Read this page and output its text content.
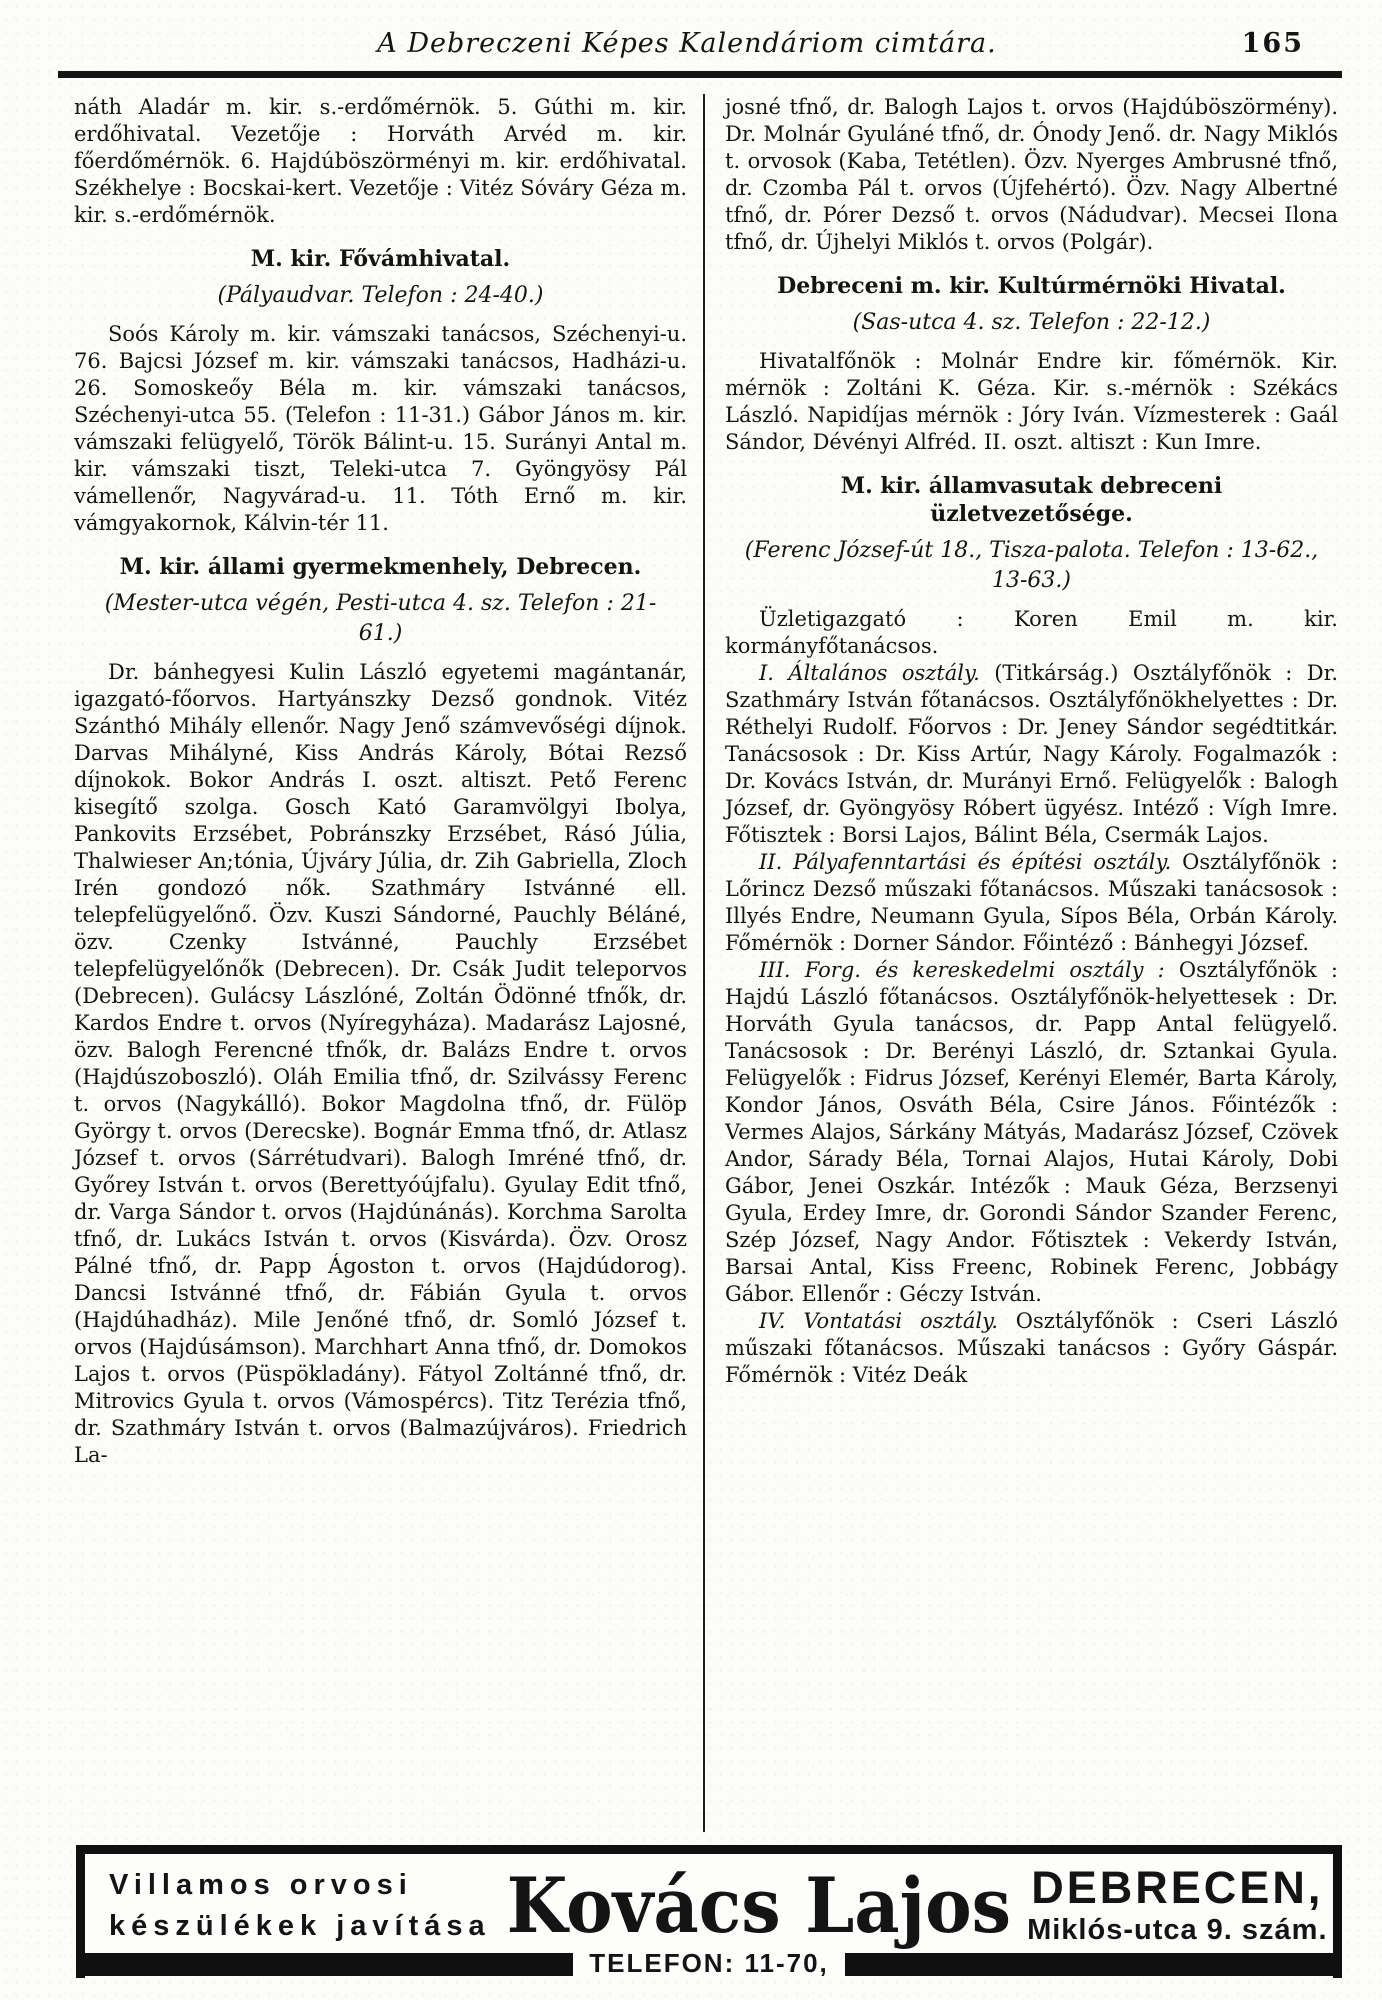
A Debreczeni Képes Kalendáriom cimtára.	165

náth Aladár m. kir. s.-erdőmérnök. 5. Gúthi m. kir. erdőhivatal. Vezetője : Horváth Arvéd m. kir. főerdőmérnök. 6. Hajdúböszörményi m. kir. erdőhivatal. Székhelye : Bocskai-kert. Vezetője : Vitéz Sóváry Géza m. kir. s.-erdőmérnök.

M. kir. Fővámhivatal.

(Pályaudvar. Telefon : 24-40.)

Soós Károly m. kir. vámszaki tanácsos, Széchenyi-u. 76. Bajcsi József m. kir. vámszaki tanácsos, Hadházi-u. 26. Somoskeőy Béla m. kir. vámszaki tanácsos, Széchenyi-utca 55. (Telefon : 11-31.) Gábor János m. kir. vámszaki felügyelő, Török Bálint-u. 15. Surányi Antal m. kir. vámszaki tiszt, Teleki-utca 7. Gyöngyösy Pál vámellenőr, Nagyvárad-u. 11. Tóth Ernő m. kir. vámgyakornok, Kálvin-tér 11.

M. kir. állami gyermekmenhely, Debrecen.

(Mester-utca végén, Pesti-utca 4. sz. Telefon : 21-61.)

Dr. bánhegyesi Kulin László egyetemi magántanár, igazgató-főorvos. Hartyánszky Dezső gondnok. Vitéz Szánthó Mihály ellenőr. Nagy Jenő számvevőségi díjnok. Darvas Mihályné, Kiss András Károly, Bótai Rezső díjnokok. Bokor András I. oszt. altiszt. Pető Ferenc kisegítő szolga. Gosch Kató Garamvölgyi Ibolya, Pankovits Erzsébet, Pobránszky Erzsébet, Rásó Júlia, Thalwieser An;tónia, Újváry Júlia, dr. Zih Gabriella, Zloch Irén gondozó nők. Szathmáry Istvánné ell. telepfelügyelőnő. Özv. Kuszi Sándorné, Pauchly Béláné, özv. Czenky Istvánné, Pauchly Erzsébet telepfelügyelőnők (Debrecen). Dr. Csák Judit teleporvos (Debrecen). Gulácsy Lászlóné, Zoltán Ödönné tfnők, dr. Kardos Endre t. orvos (Nyíregyháza). Madarász Lajosné, özv. Balogh Ferencné tfnők, dr. Balázs Endre t. orvos (Hajdúszoboszló). Oláh Emilia tfnő, dr. Szilvássy Ferenc t. orvos (Nagykálló). Bokor Magdolna tfnő, dr. Fülöp György t. orvos (Derecske). Bognár Emma tfnő, dr. Atlasz József t. orvos (Sárrétudvari). Balogh Imréné tfnő, dr. Győrey István t. orvos (Berettyóújfalu). Gyulay Edit tfnő, dr. Varga Sándor t. orvos (Hajdúnánás). Korchma Sarolta tfnő, dr. Lukács István t. orvos (Kisvárda). Özv. Orosz Pálné tfnő, dr. Papp Ágoston t. orvos (Hajdúdorog). Dancsi Istvánné tfnő, dr. Fábián Gyula t. orvos (Hajdúhadház). Mile Jenőné tfnő, dr. Somló József t. orvos (Hajdúsámson). Marchhart Anna tfnő, dr. Domokos Lajos t. orvos (Püspökladány). Fátyol Zoltánné tfnő, dr. Mitrovics Gyula t. orvos (Vámospércs). Titz Terézia tfnő, dr. Szathmáry István t. orvos (Balmazújváros). Friedrich La-

josné tfnő, dr. Balogh Lajos t. orvos (Hajdúböszörmény). Dr. Molnár Gyuláné tfnő, dr. Ónody Jenő. dr. Nagy Miklós t. orvosok (Kaba, Tetétlen). Özv. Nyerges Ambrusné tfnő, dr. Czomba Pál t. orvos (Újfehértó). Özv. Nagy Albertné tfnő, dr. Pórer Dezső t. orvos (Nádudvar). Mecsei Ilona tfnő, dr. Újhelyi Miklós t. orvos (Polgár).

Debreceni m. kir. Kultúrmérnöki Hivatal.

(Sas-utca 4. sz. Telefon : 22-12.)

Hivatalfőnök : Molnár Endre kir. főmérnök. Kir. mérnök : Zoltáni K. Géza. Kir. s.-mérnök : Székács László. Napidíjas mérnök : Jóry Iván. Vízmesterek : Gaál Sándor, Dévényi Alfréd. II. oszt. altiszt : Kun Imre.

M. kir. államvasutak debreceni üzletvezetősége.

(Ferenc József-út 18., Tisza-palota. Telefon : 13-62., 13-63.)

Üzletigazgató : Koren Emil m. kir. kormányfőtanácsos.

I. Általános osztály. (Titkárság.) Osztályfőnök : Dr. Szathmáry István főtanácsos. Osztályfőnökhelyettes : Dr. Réthelyi Rudolf. Főorvos : Dr. Jeney Sándor segédtitkár. Tanácsosok : Dr. Kiss Artúr, Nagy Károly. Fogalmazók : Dr. Kovács István, dr. Murányi Ernő. Felügyelők : Balogh József, dr. Gyöngyösy Róbert ügyész. Intéző : Vígh Imre. Főtisztek : Borsi Lajos, Bálint Béla, Csermák Lajos.

II. Pályafenntartási és építési osztály. Osztályfőnök : Lőrincz Dezső műszaki főtanácsos. Műszaki tanácsosok : Illyés Endre, Neumann Gyula, Sípos Béla, Orbán Károly. Főmérnök : Dorner Sándor. Főintéző : Bánhegyi József.

III. Forg. és kereskedelmi osztály : Osztályfőnök : Hajdú László főtanácsos. Osztályfőnök-helyettesek : Dr. Horváth Gyula tanácsos, dr. Papp Antal felügyelő. Tanácsosok : Dr. Berényi László, dr. Sztankai Gyula. Felügyelők : Fidrus József, Kerényi Elemér, Barta Károly, Kondor János, Osváth Béla, Csire János. Főintézők : Vermes Alajos, Sárkány Mátyás, Madarász József, Czövek Andor, Sárady Béla, Tornai Alajos, Hutai Károly, Dobi Gábor, Jenei Oszkár. Intézők : Mauk Géza, Berzsenyi Gyula, Erdey Imre, dr. Gorondi Sándor Szander Ferenc, Szép József, Nagy Andor. Főtisztek : Vekerdy István, Barsai Antal, Kiss Freenc, Robinek Ferenc, Jobbágy Gábor. Ellenőr : Géczy István.

IV. Vontatási osztály. Osztályfőnök : Cseri László műszaki főtanácsos. Műszaki tanácsos : Győry Gáspár. Főmérnök : Vitéz Deák

Villamos orvosi
készülékek javítása Kovács Lajos DEBRECEN,
Miklós-utca 9. szám.
TELEFON: 11-70,
